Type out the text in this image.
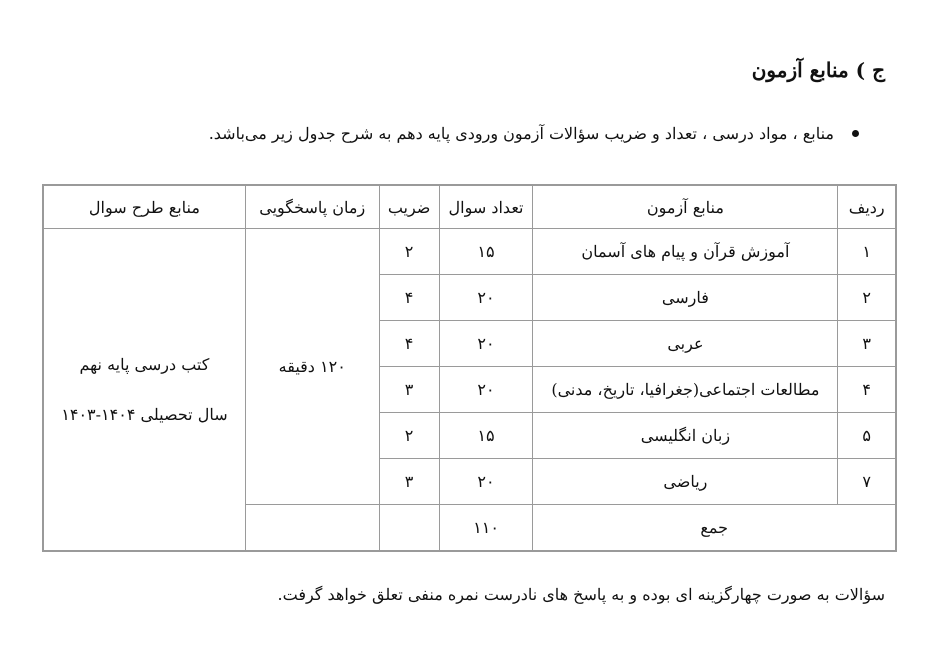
ج ) منابع آزمون
منابع ، مواد درسی ، تعداد و ضریب سؤالات آزمون ورودی پایه دهم به شرح جدول زیر می‌باشد.
ردیف	منابع آزمون	تعداد سوال	ضریب	زمان پاسخگویی	منابع طرح سوال
۱	آموزش قرآن و پیام های آسمان	۱۵	۲	۱۲۰ دقیقه	کتب درسی پایه نهم
سال تحصیلی ۱۴۰۴-۱۴۰۳

۲	فارسی	۲۰	۴		
۳	عربی	۲۰	۴		
۴	مطالعات اجتماعی(جغرافیا، تاریخ، مدنی)	۲۰	۳		
۵	زبان انگلیسی	۱۵	۲		
۷	ریاضی	۲۰	۳		
جمع		۱۱۰			
سؤالات به صورت چهارگزینه ای بوده و به پاسخ های نادرست نمره منفی تعلق خواهد گرفت.
